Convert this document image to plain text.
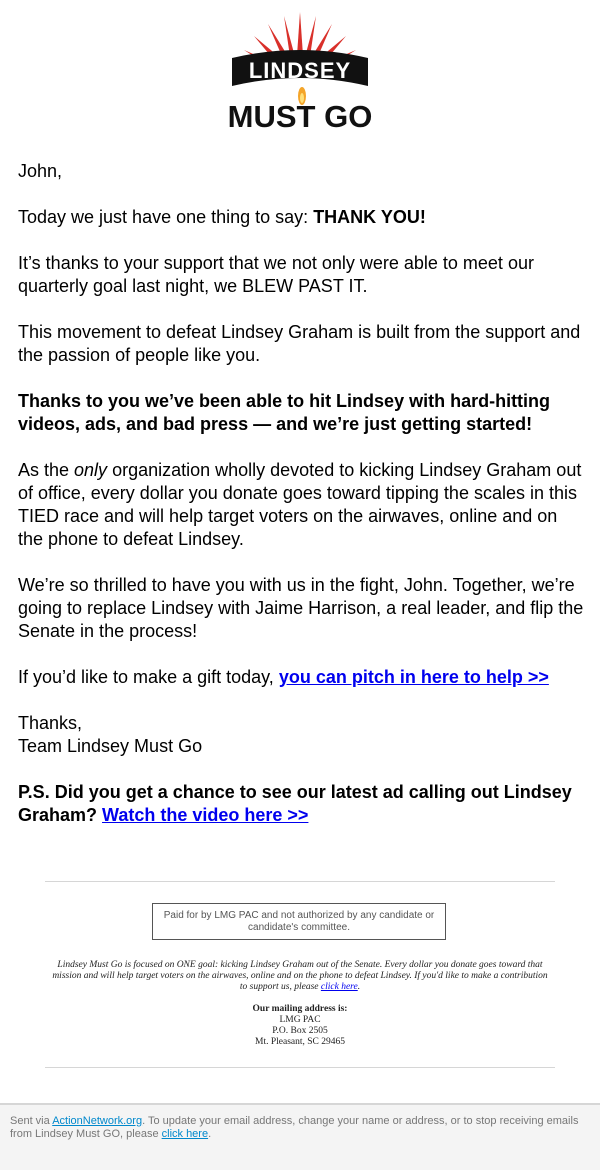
LINDSEY
MUST GO

John,

Today we just have one thing to say: THANK YOU!

It’s thanks to your support that we not only were able to meet our quarterly goal last night, we BLEW PAST IT.

This movement to defeat Lindsey Graham is built from the support and the passion of people like you.

Thanks to you we’ve been able to hit Lindsey with hard-hitting videos, ads, and bad press — and we’re just getting started!

As the only organization wholly devoted to kicking Lindsey Graham out of office, every dollar you donate goes toward tipping the scales in this TIED race and will help target voters on the airwaves, online and on the phone to defeat Lindsey.

We’re so thrilled to have you with us in the fight, John. Together, we’re going to replace Lindsey with Jaime Harrison, a real leader, and flip the Senate in the process!

If you’d like to make a gift today, you can pitch in here to help >>

Thanks,
Team Lindsey Must Go

P.S. Did you get a chance to see our latest ad calling out Lindsey Graham? Watch the video here >>

Paid for by LMG PAC and not authorized by any candidate or candidate's committee.
Lindsey Must Go is focused on ONE goal: kicking Lindsey Graham out of the Senate. Every dollar you donate goes toward that mission and will help target voters on the airwaves, online and on the phone to defeat Lindsey. If you'd like to make a contribution to support us, please click here.
Our mailing address is:
LMG PAC
P.O. Box 2505
Mt. Pleasant, SC 29465
Sent via ActionNetwork.org. To update your email address, change your name or address, or to stop receiving emails from Lindsey Must GO, please click here.
